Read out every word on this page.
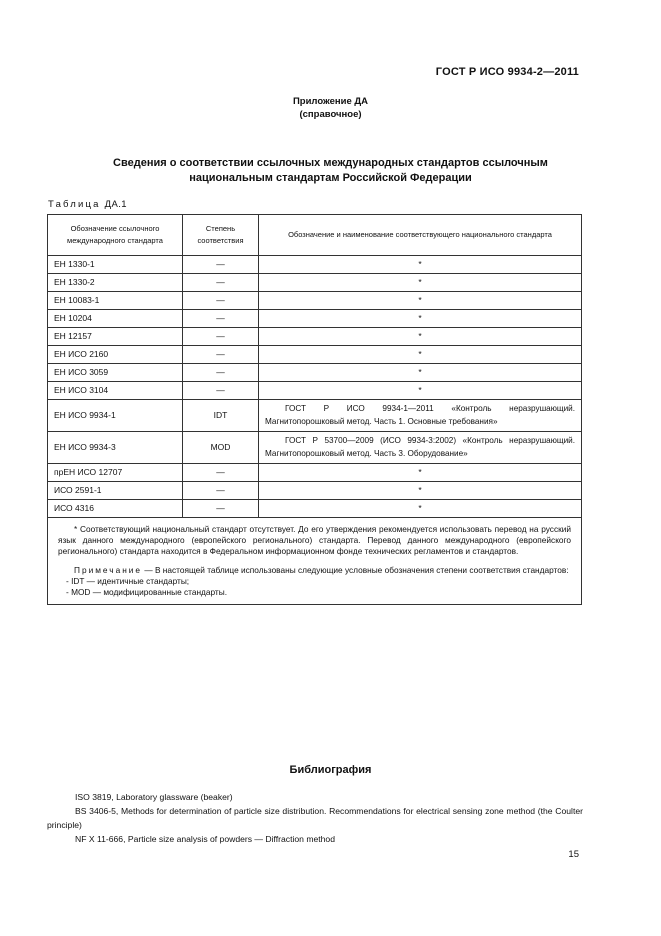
ГОСТ Р ИСО 9934-2—2011
Приложение ДА
(справочное)
Сведения о соответствии ссылочных международных стандартов ссылочным
национальным стандартам Российской Федерации
Таблица ДА.1
Обозначение ссылочного международного стандарта	Степень соответствия	Обозначение и наименование соответствующего национального стандарта
ЕН 1330-1	—	*
ЕН 1330-2	—	*
ЕН 10083-1	—	*
ЕН 10204	—	*
ЕН 12157	—	*
ЕН ИСО 2160	—	*
ЕН ИСО 3059	—	*
ЕН ИСО 3104	—	*
ЕН ИСО 9934-1	IDT	ГОСТ Р ИСО 9934-1—2011 «Контроль неразрушающий. Магнитопорошковый метод. Часть 1. Основные требования»
ЕН ИСО 9934-3	MOD	ГОСТ Р 53700—2009 (ИСО 9934-3:2002) «Контроль неразрушающий. Магнитопорошковый метод. Часть 3. Оборудование»
прЕН ИСО 12707	—	*
ИСО 2591-1	—	*
ИСО 4316	—	*

* Соответствующий национальный стандарт отсутствует. До его утверждения рекомендуется использовать перевод на русский язык данного международного (европейского регионального) стандарта. Перевод данного международного (европейского регионального) стандарта находится в Федеральном информационном фонде технических регламентов и стандартов.
Примечание — В настоящей таблице использованы следующие условные обозначения степени соответствия стандартов:
- IDT — идентичные стандарты;
- MOD — модифицированные стандарты.		
Библиография

ISO 3819, Laboratory glassware (beaker)

BS 3406-5, Methods for determination of particle size distribution. Recommendations for electrical sensing zone method (the Coulter principle)

NF X 11-666, Particle size analysis of powders — Diffraction method

15
